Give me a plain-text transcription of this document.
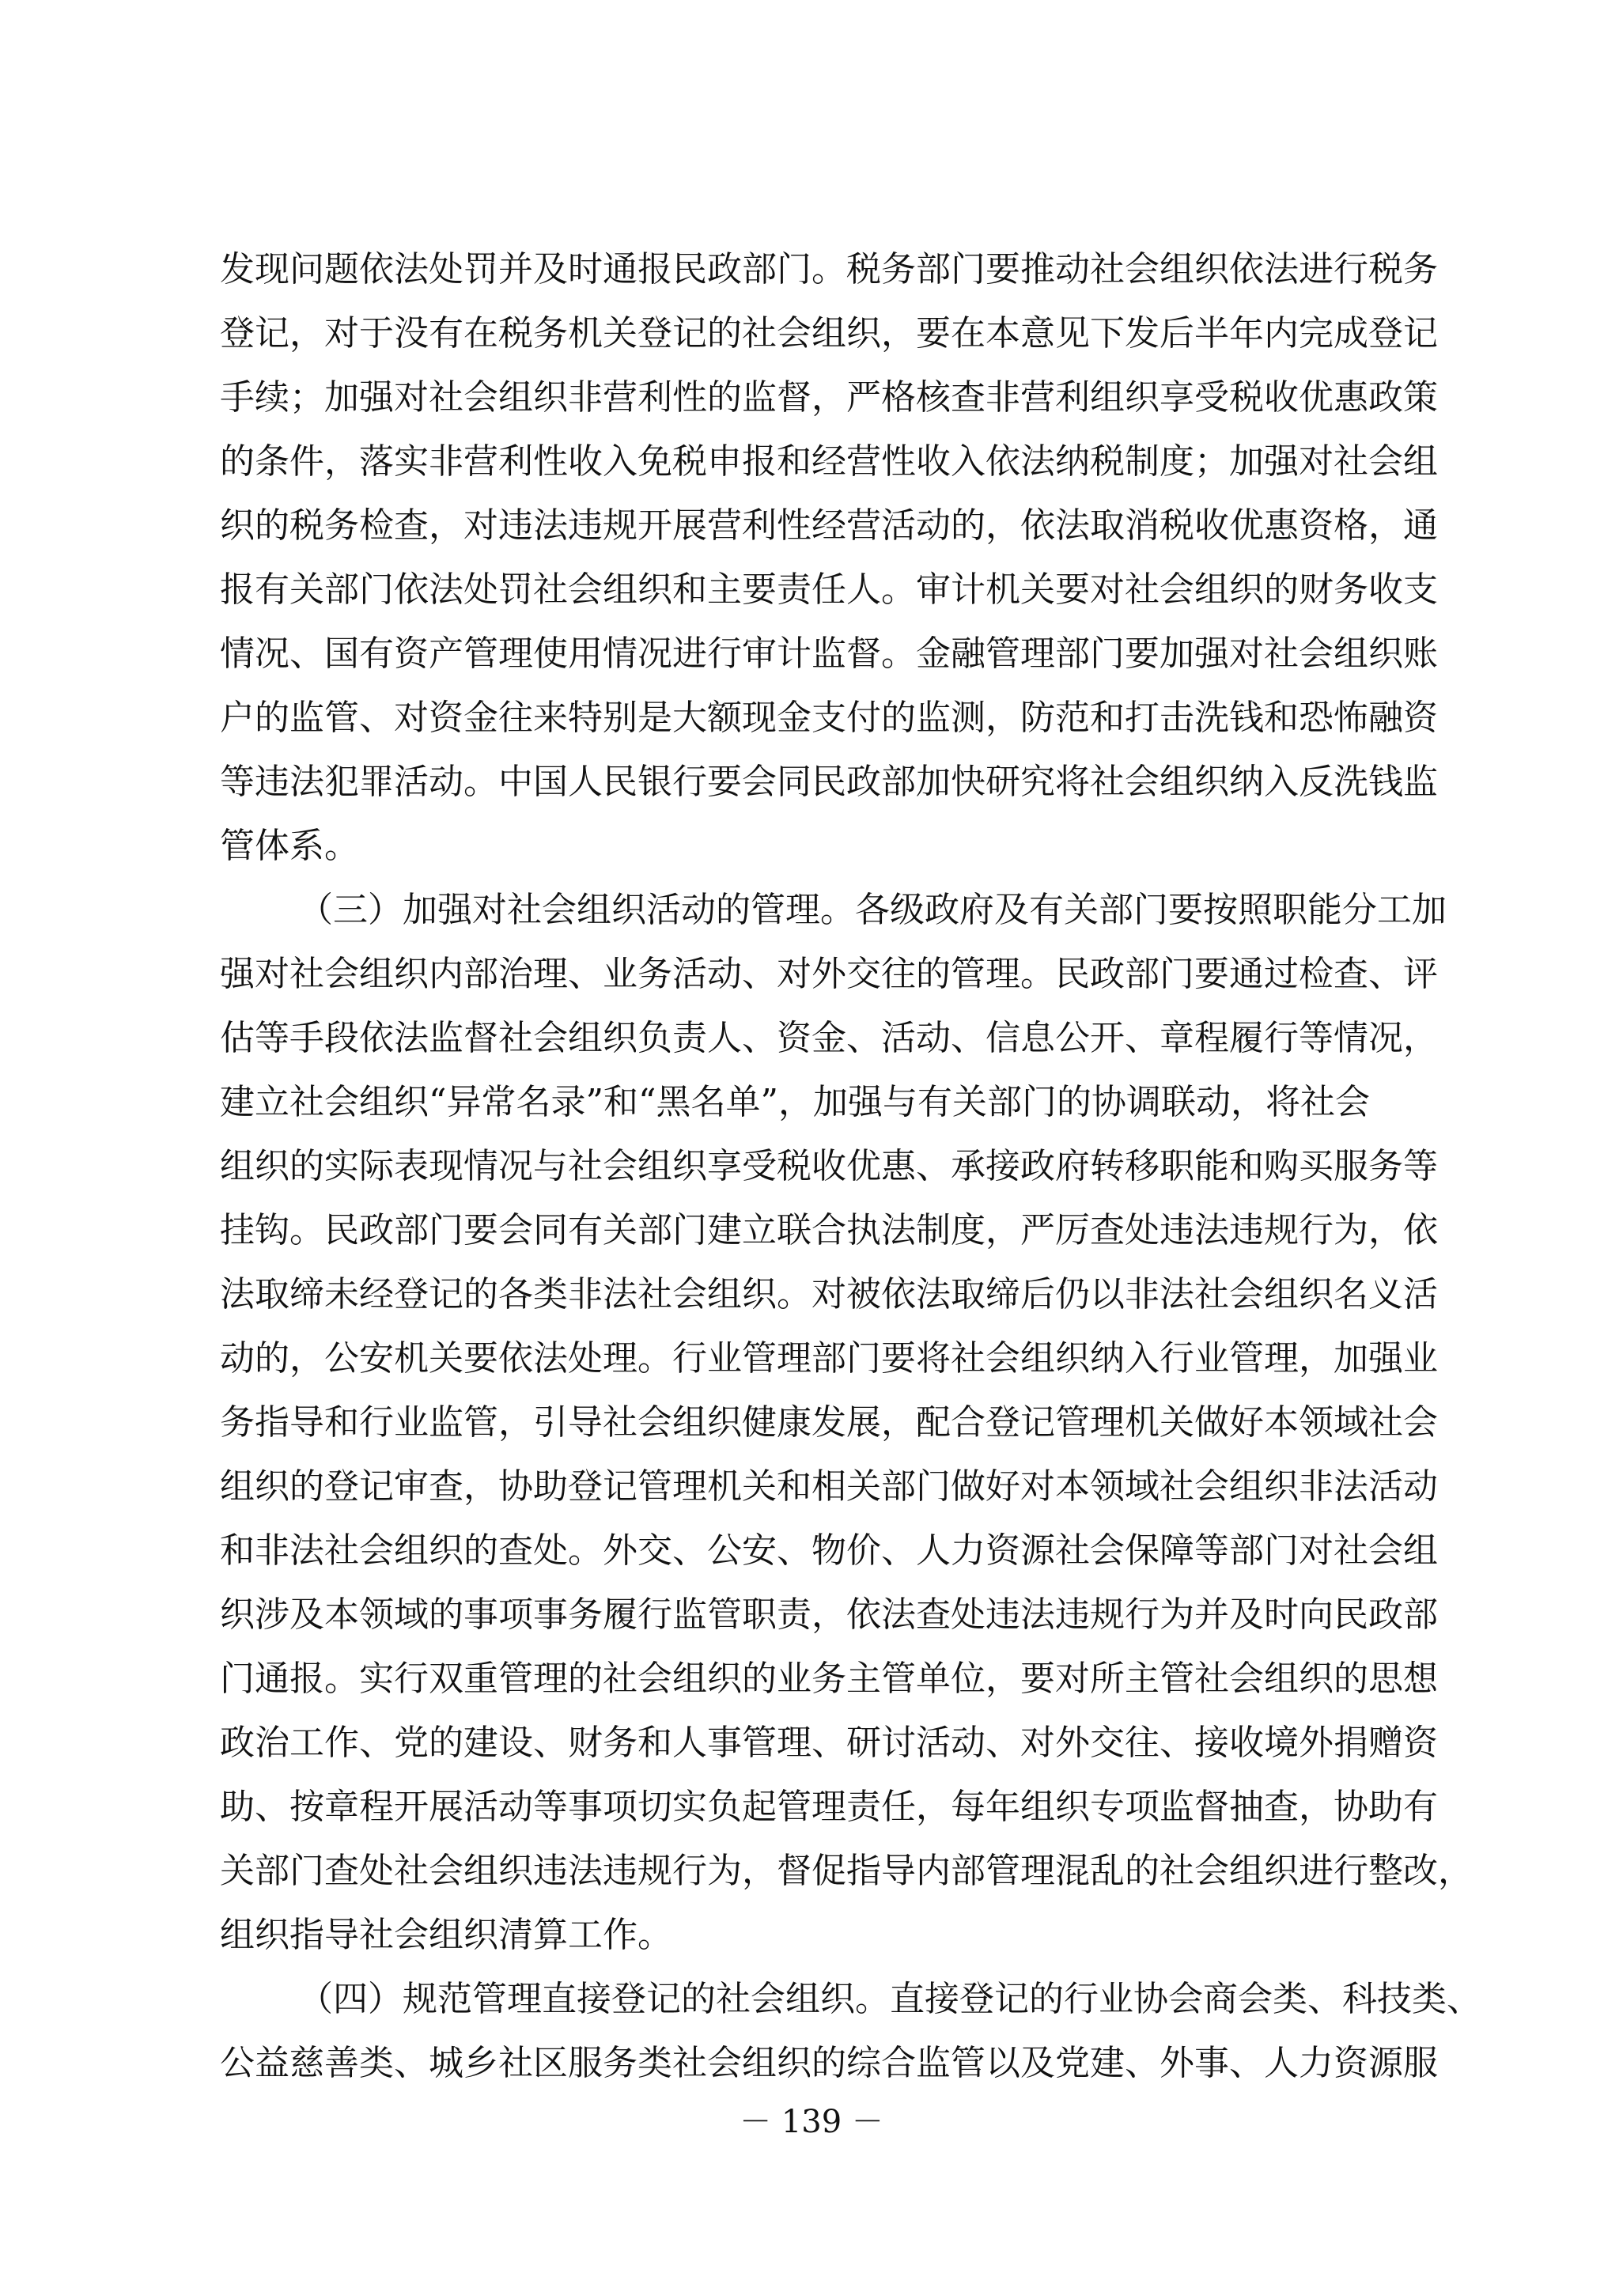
发现问题依法处罚并及时通报民政部门。税务部门要推动社会组织依法进行税务
登记，对于没有在税务机关登记的社会组织，要在本意见下发后半年内完成登记
手续；加强对社会组织非营利性的监督，严格核查非营利组织享受税收优惠政策
的条件，落实非营利性收入免税申报和经营性收入依法纳税制度；加强对社会组
织的税务检查，对违法违规开展营利性经营活动的，依法取消税收优惠资格，通
报有关部门依法处罚社会组织和主要责任人。审计机关要对社会组织的财务收支
情况、国有资产管理使用情况进行审计监督。金融管理部门要加强对社会组织账
户的监管、对资金往来特别是大额现金支付的监测，防范和打击洗钱和恐怖融资
等违法犯罪活动。中国人民银行要会同民政部加快研究将社会组织纳入反洗钱监
管体系。
（三）加强对社会组织活动的管理。各级政府及有关部门要按照职能分工加
强对社会组织内部治理、业务活动、对外交往的管理。民政部门要通过检查、评
估等手段依法监督社会组织负责人、资金、活动、信息公开、章程履行等情况，
建立社会组织“异常名录”和“黑名单”，加强与有关部门的协调联动，将社会
组织的实际表现情况与社会组织享受税收优惠、承接政府转移职能和购买服务等
挂钩。民政部门要会同有关部门建立联合执法制度，严厉查处违法违规行为，依
法取缔未经登记的各类非法社会组织。对被依法取缔后仍以非法社会组织名义活
动的，公安机关要依法处理。行业管理部门要将社会组织纳入行业管理，加强业
务指导和行业监管，引导社会组织健康发展，配合登记管理机关做好本领域社会
组织的登记审查，协助登记管理机关和相关部门做好对本领域社会组织非法活动
和非法社会组织的查处。外交、公安、物价、人力资源社会保障等部门对社会组
织涉及本领域的事项事务履行监管职责，依法查处违法违规行为并及时向民政部
门通报。实行双重管理的社会组织的业务主管单位，要对所主管社会组织的思想
政治工作、党的建设、财务和人事管理、研讨活动、对外交往、接收境外捐赠资
助、按章程开展活动等事项切实负起管理责任，每年组织专项监督抽查，协助有
关部门查处社会组织违法违规行为，督促指导内部管理混乱的社会组织进行整改，
组织指导社会组织清算工作。
（四）规范管理直接登记的社会组织。直接登记的行业协会商会类、科技类、
公益慈善类、城乡社区服务类社会组织的综合监管以及党建、外事、人力资源服
－ 139 －
